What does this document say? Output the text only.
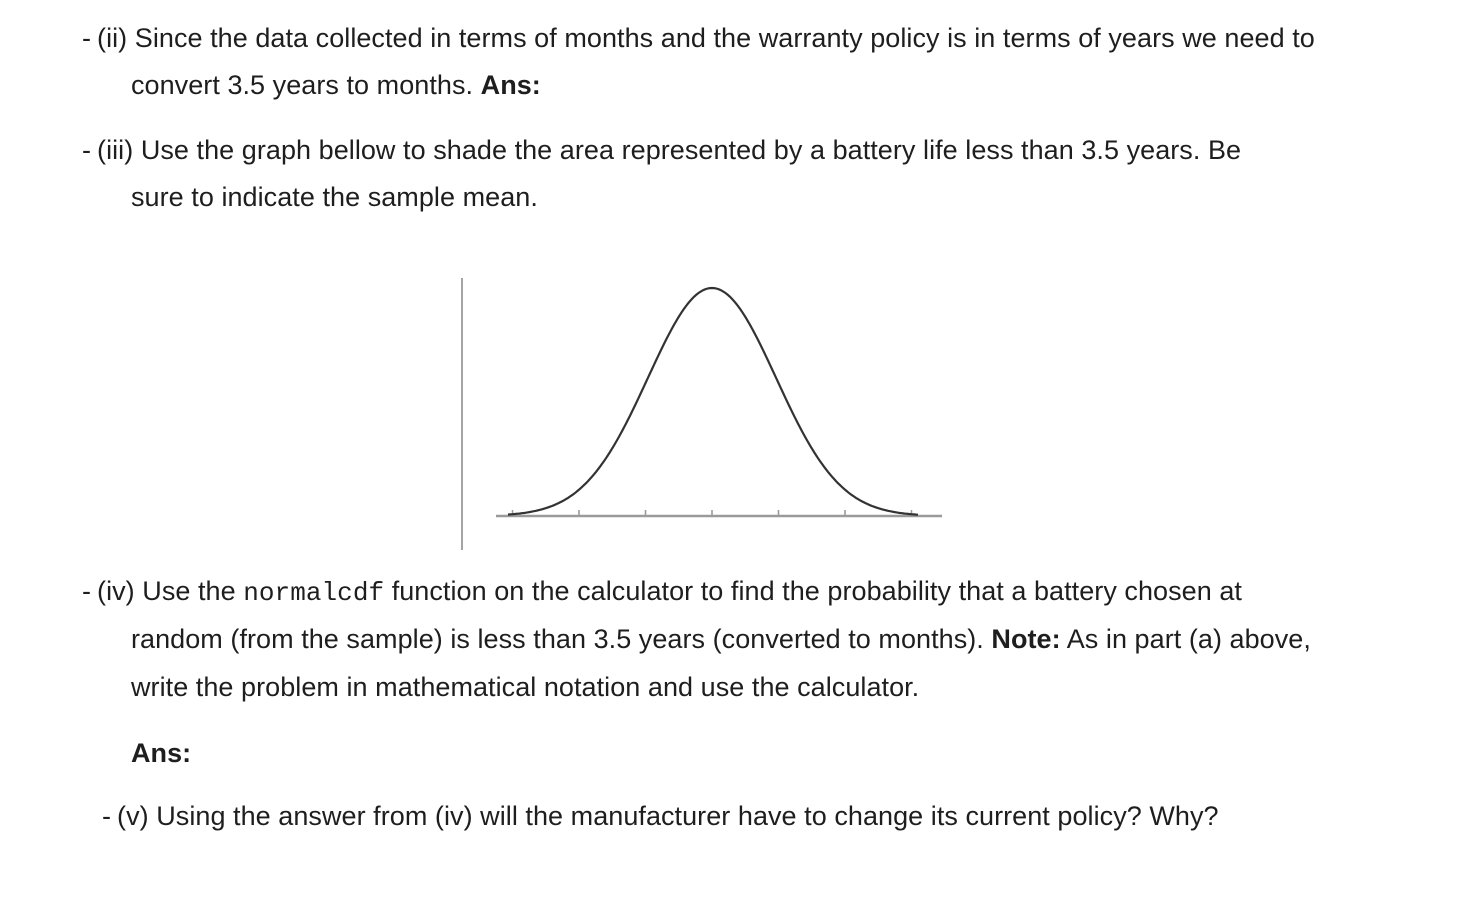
- (ii) Since the data collected in terms of months and the warranty policy is in terms of years we need to
convert 3.5 years to months. Ans:
- (iii) Use the graph bellow to shade the area represented by a battery life less than 3.5 years. Be
sure to indicate the sample mean.
- (iv) Use the normalcdf function on the calculator to find the probability that a battery chosen at
random (from the sample) is less than 3.5 years (converted to months). Note: As in part (a) above,
write the problem in mathematical notation and use the calculator.
Ans:
- (v) Using the answer from (iv) will the manufacturer have to change its current policy? Why?
